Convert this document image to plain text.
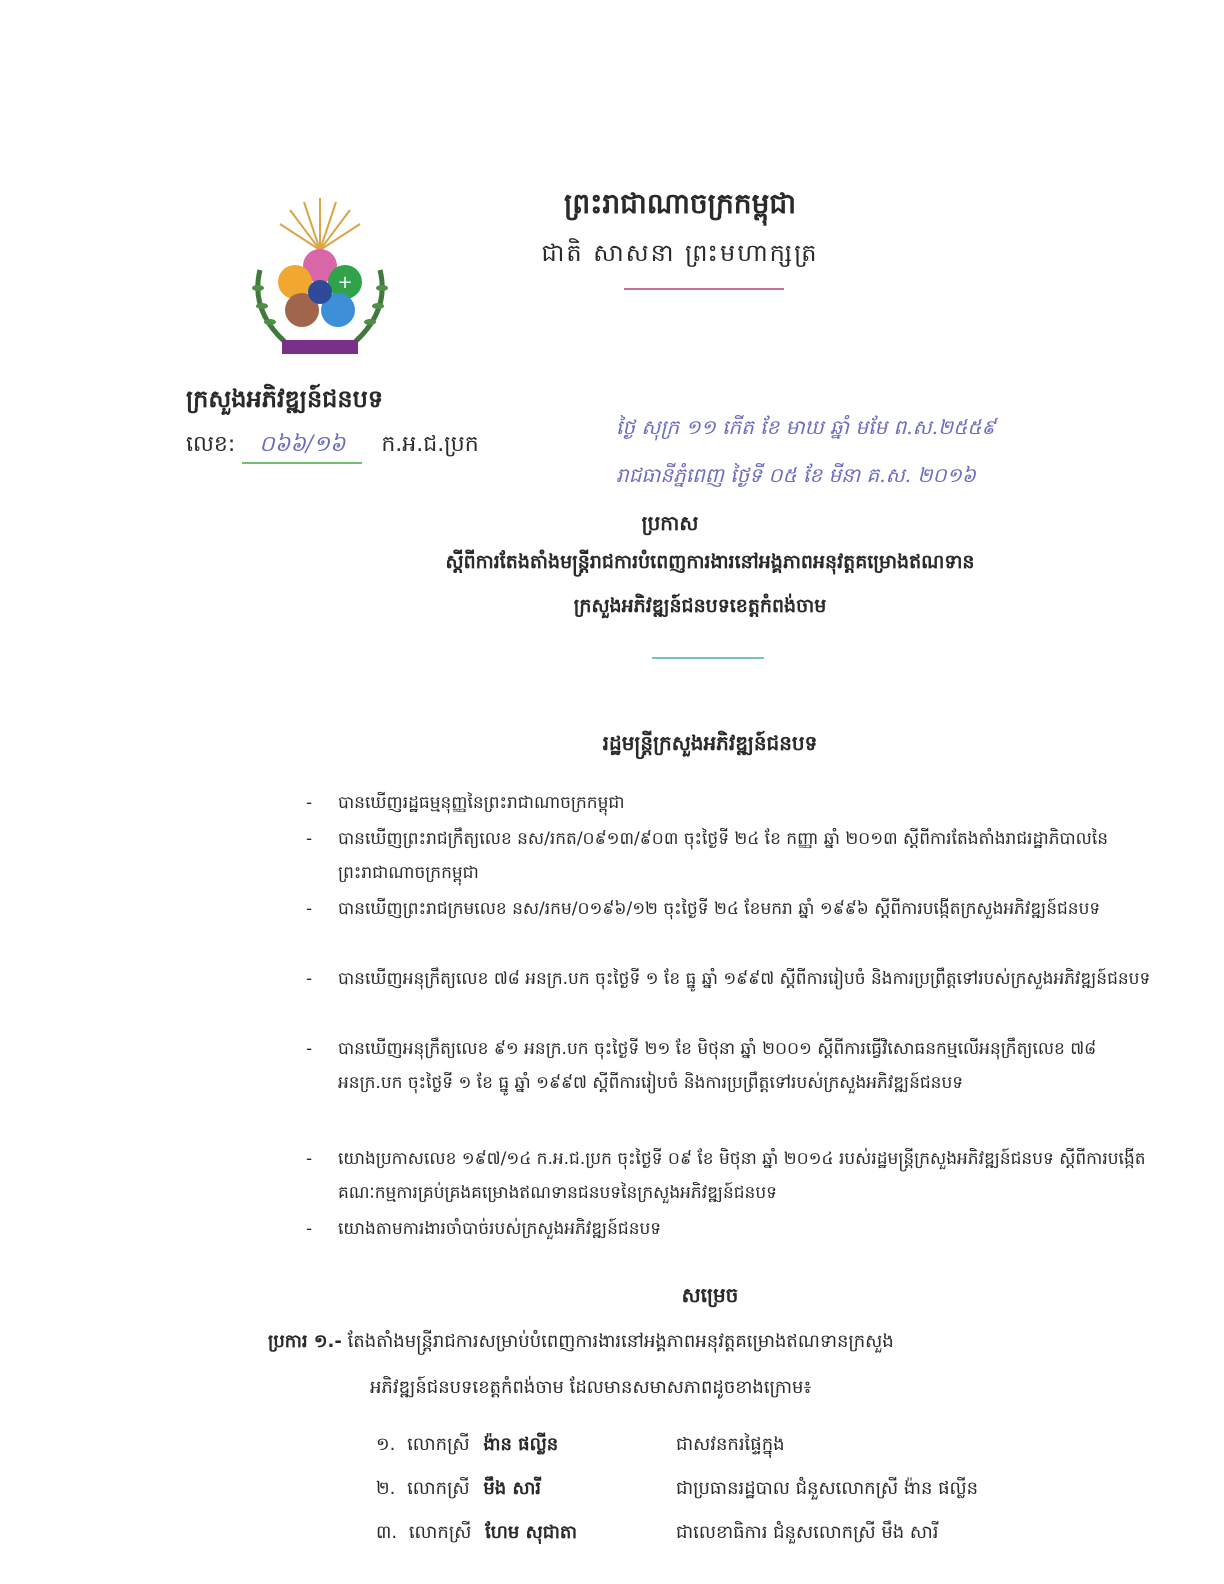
ព្រះរាជាណាចក្រកម្ពុជា
ជាតិ សាសនា ព្រះមហាក្សត្រ
+
ក្រសួងអភិវឌ្ឍន៍ជនបទ
លេខ: ០៦៦/១៦ ក.អ.ជ.ប្រក
ថ្ងៃ សុក្រ ១១ កើត ខែ មាឃ ឆ្នាំ មមែ ព.ស.២៥៥៩
រាជធានីភ្នំពេញ ថ្ងៃទី ០៥ ខែ មីនា គ.ស. ២០១៦
ប្រកាស
ស្តីពីការតែងតាំងមន្ត្រីរាជការបំពេញការងារនៅអង្គភាពអនុវត្តគម្រោងឥណទាន
ក្រសួងអភិវឌ្ឍន៍ជនបទខេត្តកំពង់ចាម
រដ្ឋមន្ត្រីក្រសួងអភិវឌ្ឍន៍ជនបទ
- បានឃើញរដ្ឋធម្មនុញ្ញនៃព្រះរាជាណាចក្រកម្ពុជា
- បានឃើញព្រះរាជក្រឹត្យលេខ នស/រកត/០៩១៣/៩០៣ ចុះថ្ងៃទី ២៤ ខែ កញ្ញា ឆ្នាំ ២០១៣ ស្តីពីការតែងតាំងរាជរដ្ឋាភិបាលនៃព្រះរាជាណាចក្រកម្ពុជា
- បានឃើញព្រះរាជក្រមលេខ នស/រកម/០១៩៦/១២ ចុះថ្ងៃទី ២៤ ខែមករា ឆ្នាំ ១៩៩៦ ស្តីពីការបង្កើតក្រសួងអភិវឌ្ឍន៍ជនបទ
- បានឃើញអនុក្រឹត្យលេខ ៧៨ អនក្រ.បក ចុះថ្ងៃទី ១ ខែ ធ្នូ ឆ្នាំ ១៩៩៧ ស្តីពីការរៀបចំ និងការប្រព្រឹត្តទៅរបស់ក្រសួងអភិវឌ្ឍន៍ជនបទ
- បានឃើញអនុក្រឹត្យលេខ ៩១ អនក្រ.បក ចុះថ្ងៃទី ២១ ខែ មិថុនា ឆ្នាំ ២០០១ ស្តីពីការធ្វើវិសោធនកម្មលើអនុក្រឹត្យលេខ ៧៨ អនក្រ.បក ចុះថ្ងៃទី ១ ខែ ធ្នូ ឆ្នាំ ១៩៩៧ ស្តីពីការរៀបចំ និងការប្រព្រឹត្តទៅរបស់ក្រសួងអភិវឌ្ឍន៍ជនបទ
- យោងប្រកាសលេខ ១៩៧/១៤ ក.អ.ជ.ប្រក ចុះថ្ងៃទី ០៩ ខែ មិថុនា ឆ្នាំ ២០១៤ របស់រដ្ឋមន្ត្រីក្រសួងអភិវឌ្ឍន៍ជនបទ ស្តីពីការបង្កើតគណៈកម្មការគ្រប់គ្រងគម្រោងឥណទានជនបទនៃក្រសួងអភិវឌ្ឍន៍ជនបទ
- យោងតាមការងារចាំបាច់របស់ក្រសួងអភិវឌ្ឍន៍ជនបទ
សម្រេច
ប្រការ ១.- តែងតាំងមន្ត្រីរាជការសម្រាប់បំពេញការងារនៅអង្គភាពអនុវត្តគម្រោងឥណទានក្រសួង
អភិវឌ្ឍន៍ជនបទខេត្តកំពង់ចាម ដែលមានសមាសភាពដូចខាងក្រោម៖
១. លោកស្រី ង៉ាន ផល្លីន	ជាសវនករផ្ទៃក្នុង
២. លោកស្រី មឹង សារី	ជាប្រធានរដ្ឋបាល ជំនួសលោកស្រី ង៉ាន ផល្លីន
៣. លោកស្រី ហែម សុជាតា	ជាលេខាធិការ ជំនួសលោកស្រី មឹង សារី
